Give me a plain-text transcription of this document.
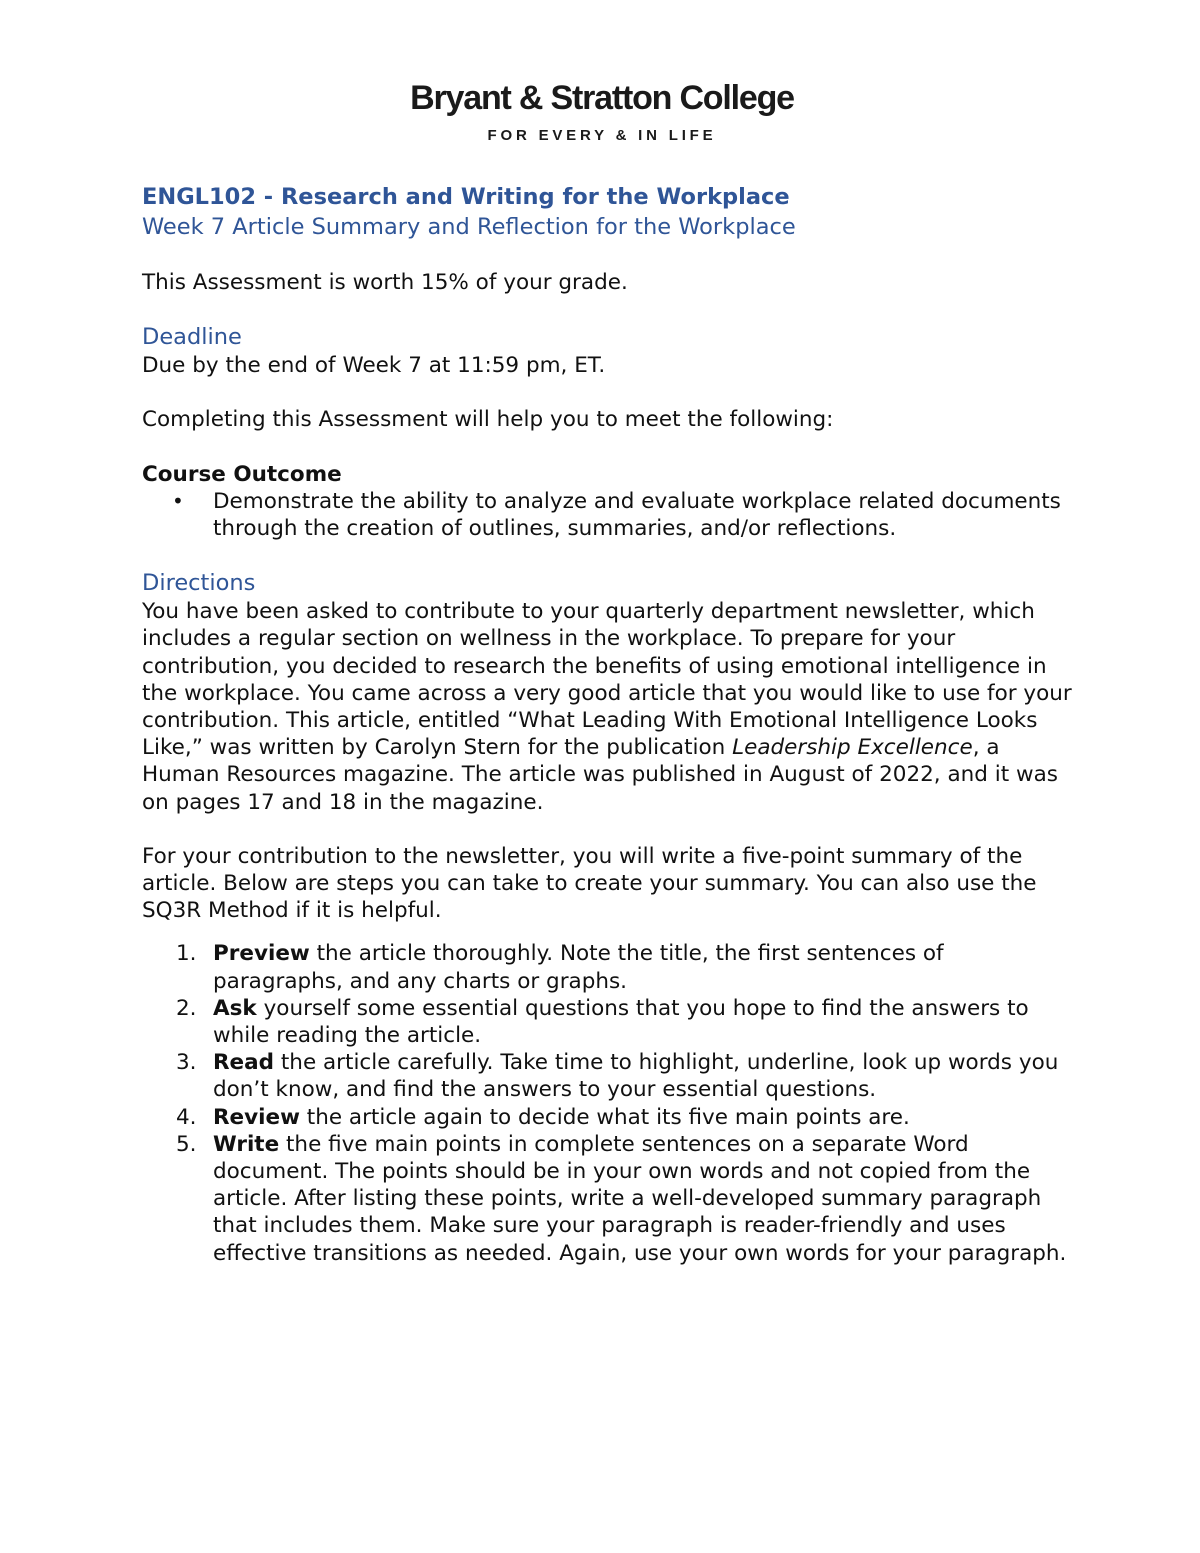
Bryant & Stratton College
FOR EVERY & IN LIFE

ENGL102 - Research and Writing for the Workplace

Week 7 Article Summary and Reflection for the Workplace

This Assessment is worth 15% of your grade.

Deadline

Due by the end of Week 7 at 11:59 pm, ET.

Completing this Assessment will help you to meet the following:

Course Outcome

• Demonstrate the ability to analyze and evaluate workplace related documents through the creation of outlines, summaries, and/or reflections.

Directions

You have been asked to contribute to your quarterly department newsletter, which includes a regular section on wellness in the workplace. To prepare for your contribution, you decided to research the benefits of using emotional intelligence in the workplace. You came across a very good article that you would like to use for your contribution. This article, entitled “What Leading With Emotional Intelligence Looks Like,” was written by Carolyn Stern for the publication Leadership Excellence, a Human Resources magazine. The article was published in August of 2022, and it was on pages 17 and 18 in the magazine.

For your contribution to the newsletter, you will write a five-point summary of the article. Below are steps you can take to create your summary. You can also use the SQ3R Method if it is helpful.

1. Preview the article thoroughly. Note the title, the first sentences of paragraphs, and any charts or graphs.
2. Ask yourself some essential questions that you hope to find the answers to while reading the article.
3. Read the article carefully. Take time to highlight, underline, look up words you don’t know, and find the answers to your essential questions.
4. Review the article again to decide what its five main points are.
5. Write the five main points in complete sentences on a separate Word document. The points should be in your own words and not copied from the article. After listing these points, write a well-developed summary paragraph that includes them. Make sure your paragraph is reader-friendly and uses effective transitions as needed. Again, use your own words for your paragraph.
